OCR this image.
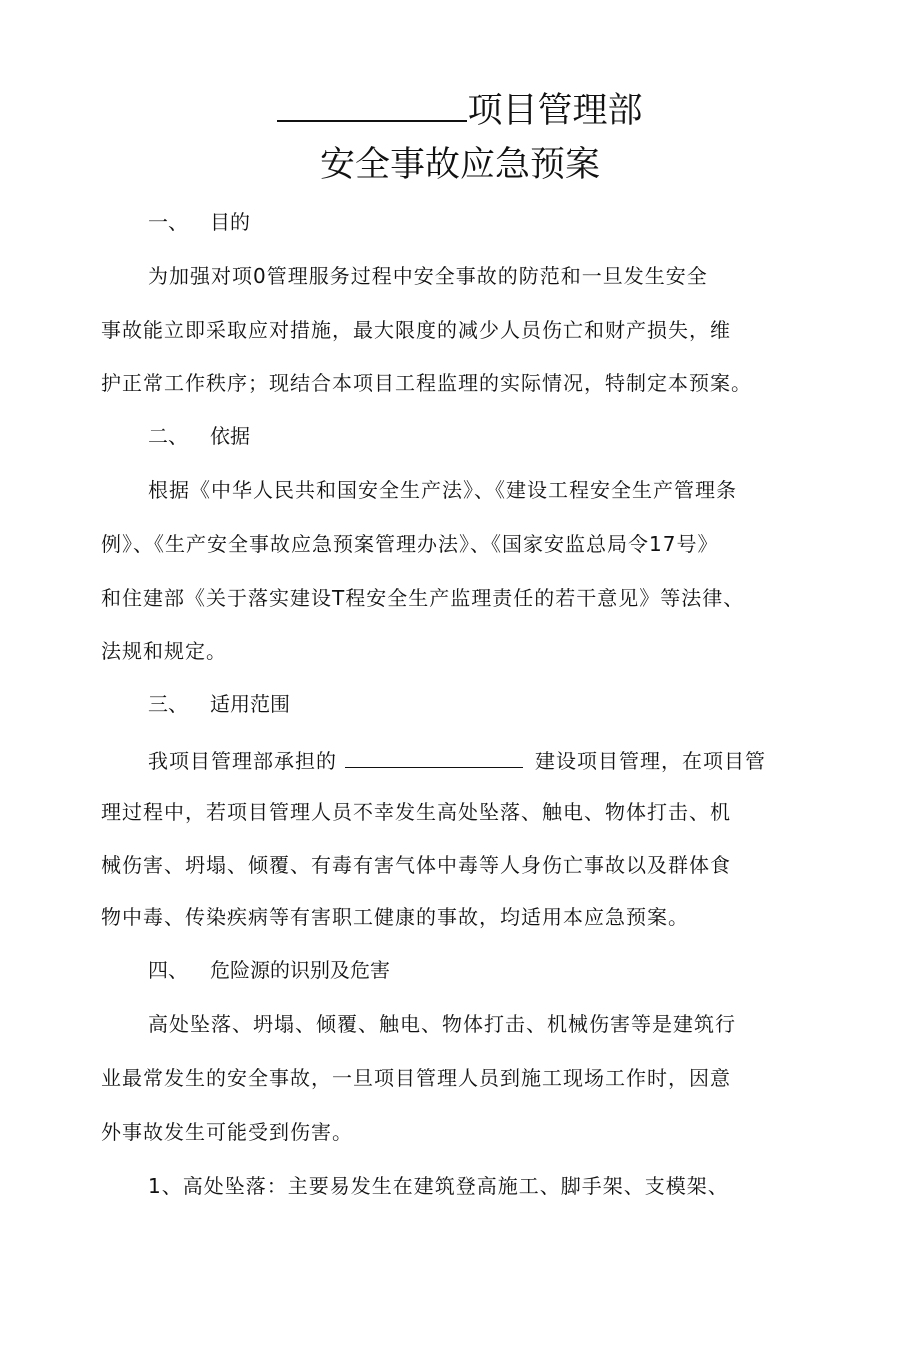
项目管理部
安全事故应急预案
一、 目的
为加强对项0管理服务过程中安全事故的防范和一旦发生安全
事故能立即采取应对措施，最大限度的减少人员伤亡和财产损失，维
护正常工作秩序；现结合本项目工程监理的实际情况，特制定本预案。
二、 依据
根据《中华人民共和国安全生产法》、《建设工程安全生产管理条
例》、《生产安全事故应急预案管理办法》、《国家安监总局令17号》
和住建部《关于落实建设T程安全生产监理责任的若干意见》等法律、
法规和规定。
三、 适用范围
我项目管理部承担的	建设项目管理，在项目管
理过程中，若项目管理人员不幸发生高处坠落、触电、物体打击、机
械伤害、坍塌、倾覆、有毒有害气体中毒等人身伤亡事故以及群体食
物中毒、传染疾病等有害职工健康的事故，均适用本应急预案。
四、 危险源的识别及危害
高处坠落、坍塌、倾覆、触电、物体打击、机械伤害等是建筑行
业最常发生的安全事故，一旦项目管理人员到施工现场工作时，因意
外事故发生可能受到伤害。
1、高处坠落：主要易发生在建筑登高施工、脚手架、支模架、
